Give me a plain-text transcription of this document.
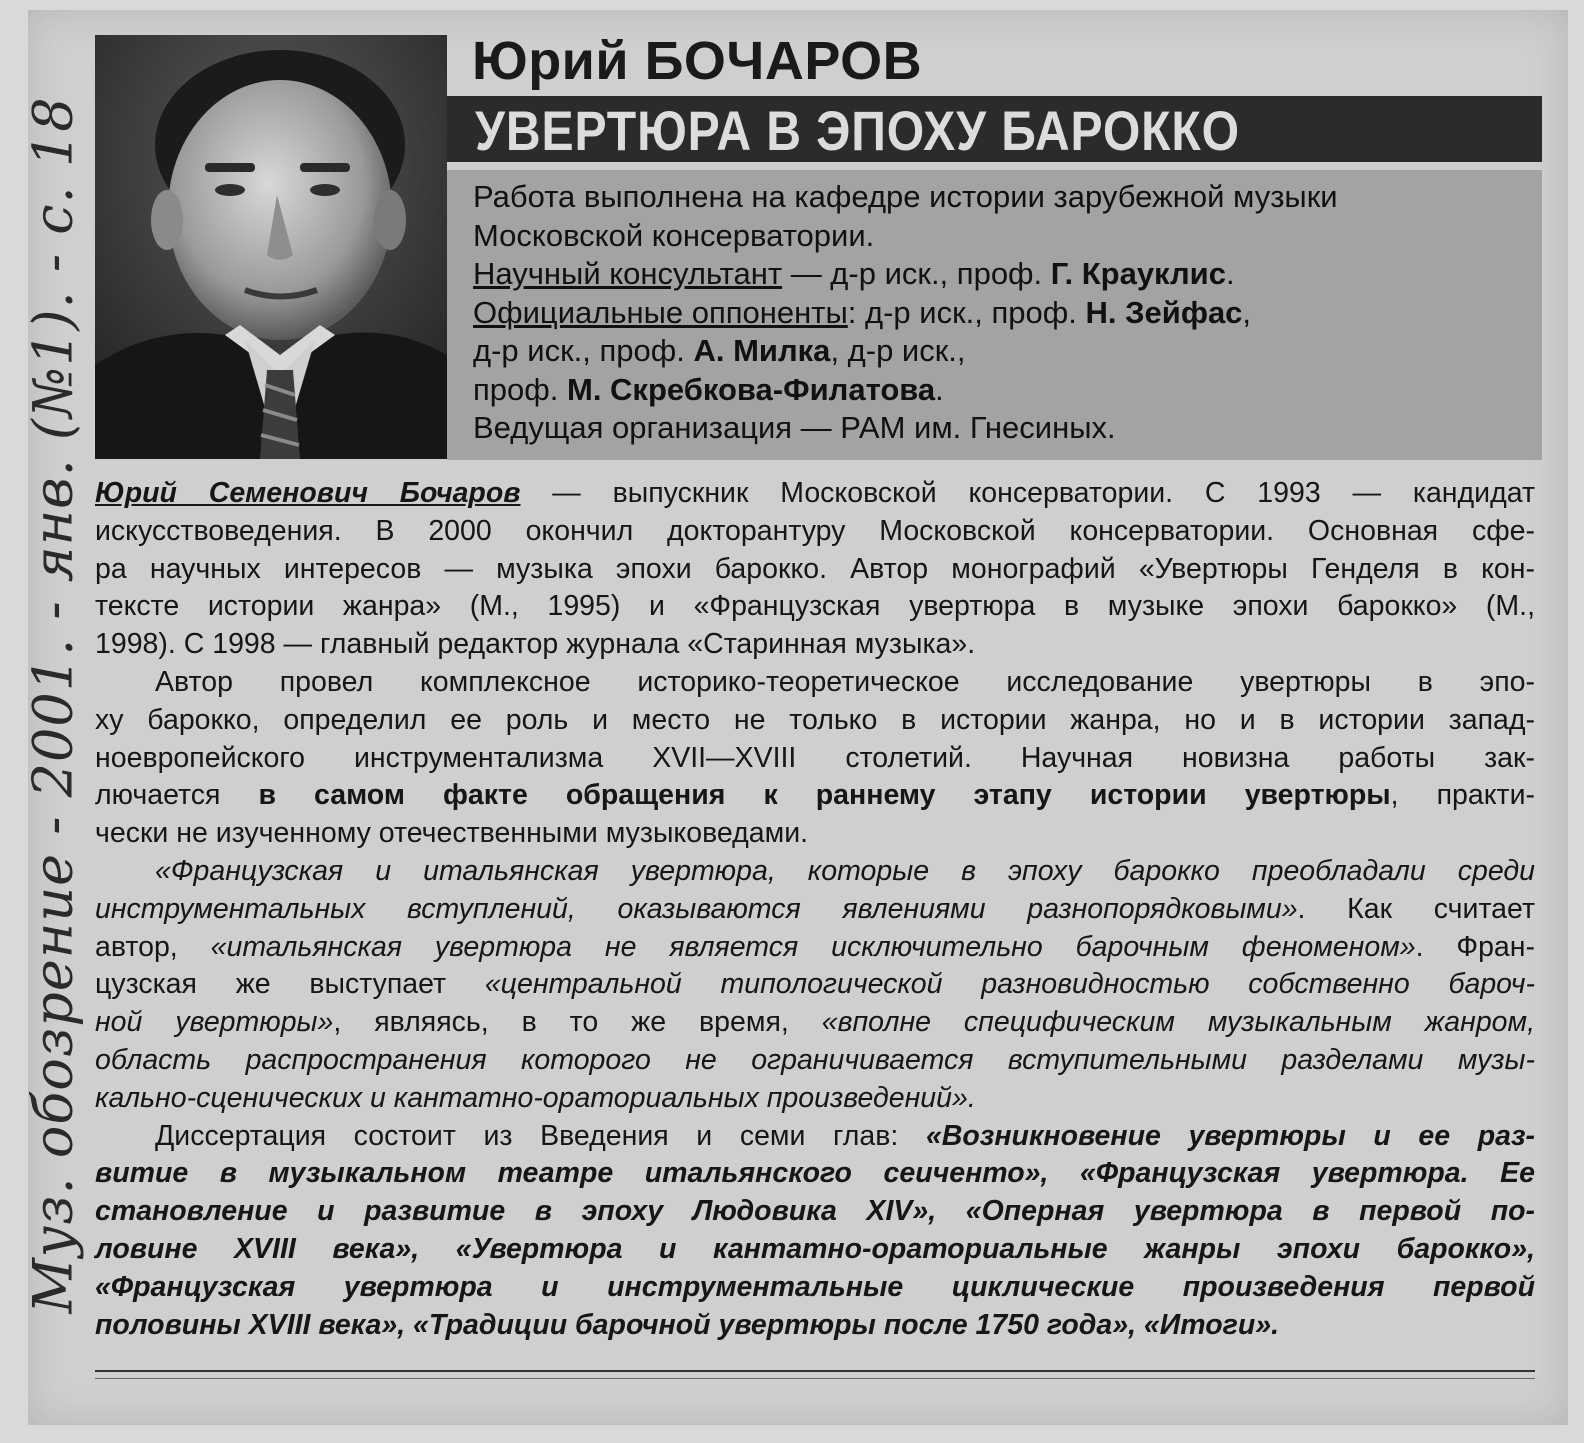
Муз. обозрение - 2001. - янв. (№1). - с. 18
Юрий БОЧАРОВ
УВЕРТЮРА В ЭПОХУ БАРОККО
Работа выполнена на кафедре истории зарубежной музыки
Московской консерватории.
Научный консультант — д-р иск., проф. Г. Крауклис.
Официальные оппоненты: д-р иск., проф. Н. Зейфас,
д-р иск., проф. А. Милка, д-р иск.,
проф. М. Скребкова-Филатова.
Ведущая организация — РАМ им. Гнесиных.
Юрий Семенович Бочаров — выпускник Московской консерватории. С 1993 — кандидат
искусствоведения. В 2000 окончил докторантуру Московской консерватории. Основная сфе-
ра научных интересов — музыка эпохи барокко. Автор монографий «Увертюры Генделя в кон-
тексте истории жанра» (М., 1995) и «Французская увертюра в музыке эпохи барокко» (М.,
1998). С 1998 — главный редактор журнала «Старинная музыка».
Автор провел комплексное историко-теоретическое исследование увертюры в эпо-
ху барокко, определил ее роль и место не только в истории жанра, но и в истории запад-
ноевропейского инструментализма XVII—XVIII столетий. Научная новизна работы зак-
лючается в самом факте обращения к раннему этапу истории увертюры, практи-
чески не изученному отечественными музыковедами.
«Французская и итальянская увертюра, которые в эпоху барокко преобладали среди
инструментальных вступлений, оказываются явлениями разнопорядковыми». Как считает
автор, «итальянская увертюра не является исключительно барочным феноменом». Фран-
цузская же выступает «центральной типологической разновидностью собственно бароч-
ной увертюры», являясь, в то же время, «вполне специфическим музыкальным жанром,
область распространения которого не ограничивается вступительными разделами музы-
кально-сценических и кантатно-ораториальных произведений».
Диссертация состоит из Введения и семи глав: «Возникновение увертюры и ее раз-
витие в музыкальном театре итальянского сеиченто», «Французская увертюра. Ее
становление и развитие в эпоху Людовика XIV», «Оперная увертюра в первой по-
ловине XVIII века», «Увертюра и кантатно-ораториальные жанры эпохи барокко»,
«Французская увертюра и инструментальные циклические произведения первой
половины XVIII века», «Традиции барочной увертюры после 1750 года», «Итоги».
